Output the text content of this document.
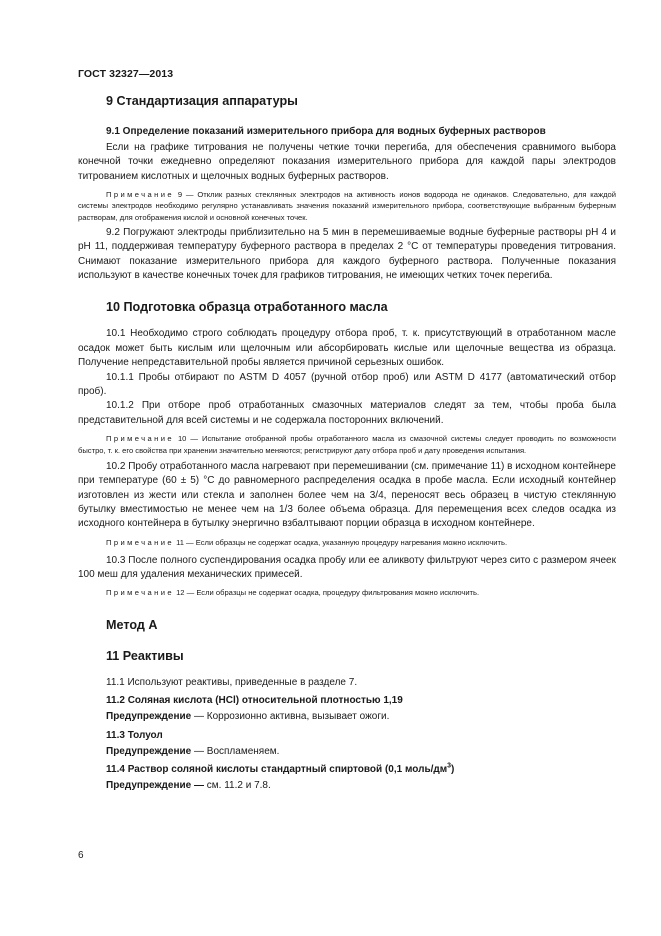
ГОСТ 32327—2013
9 Стандартизация аппаратуры
9.1 Определение показаний измерительного прибора для водных буферных растворов

Если на графике титрования не получены четкие точки перегиба, для обеспечения сравнимого выбора конечной точки ежедневно определяют показания измерительного прибора для каждой пары электродов титрованием кислотных и щелочных водных буферных растворов.

Примечание 9 — Отклик разных стеклянных электродов на активность ионов водорода не одинаков. Следовательно, для каждой системы электродов необходимо регулярно устанавливать значения показаний измерительного прибора, соответствующие выбранным буферным растворам, для отображения кислой и основной конечных точек.

9.2 Погружают электроды приблизительно на 5 мин в перемешиваемые водные буферные растворы pH 4 и pH 11, поддерживая температуру буферного раствора в пределах 2 °C от температуры проведения титрования. Снимают показание измерительного прибора для каждого буферного раствора. Полученные показания используют в качестве конечных точек для графиков титрования, не имеющих четких точек перегиба.

10 Подготовка образца отработанного масла

10.1 Необходимо строго соблюдать процедуру отбора проб, т. к. присутствующий в отработанном масле осадок может быть кислым или щелочным или абсорбировать кислые или щелочные вещества из образца. Получение непредставительной пробы является причиной серьезных ошибок.

10.1.1 Пробы отбирают по ASTM D 4057 (ручной отбор проб) или ASTM D 4177 (автоматический отбор проб).

10.1.2 При отборе проб отработанных смазочных материалов следят за тем, чтобы проба была представительной для всей системы и не содержала посторонних включений.

Примечание 10 — Испытание отобранной пробы отработанного масла из смазочной системы следует проводить по возможности быстро, т. к. его свойства при хранении значительно меняются; регистрируют дату отбора проб и дату проведения испытания.

10.2 Пробу отработанного масла нагревают при перемешивании (см. примечание 11) в исходном контейнере при температуре (60 ± 5) °C до равномерного распределения осадка в пробе масла. Если исходный контейнер изготовлен из жести или стекла и заполнен более чем на 3/4, переносят весь образец в чистую стеклянную бутылку вместимостью не менее чем на 1/3 более объема образца. Для перемещения всех следов осадка из исходного контейнера в бутылку энергично взбалтывают порции образца в исходном контейнере.

Примечание 11 — Если образцы не содержат осадка, указанную процедуру нагревания можно исключить.

10.3 После полного суспендирования осадка пробу или ее аликвоту фильтруют через сито с размером ячеек 100 меш для удаления механических примесей.

Примечание 12 — Если образцы не содержат осадка, процедуру фильтрования можно исключить.

Метод А
11 Реактивы

11.1 Используют реактивы, приведенные в разделе 7.

11.2 Соляная кислота (HCl) относительной плотностью 1,19

Предупреждение — Коррозионно активна, вызывает ожоги.

11.3 Толуол

Предупреждение — Воспламеняем.

11.4 Раствор соляной кислоты стандартный спиртовой (0,1 моль/$дм^3$)

Предупреждение — см. 11.2 и 7.8.

6
